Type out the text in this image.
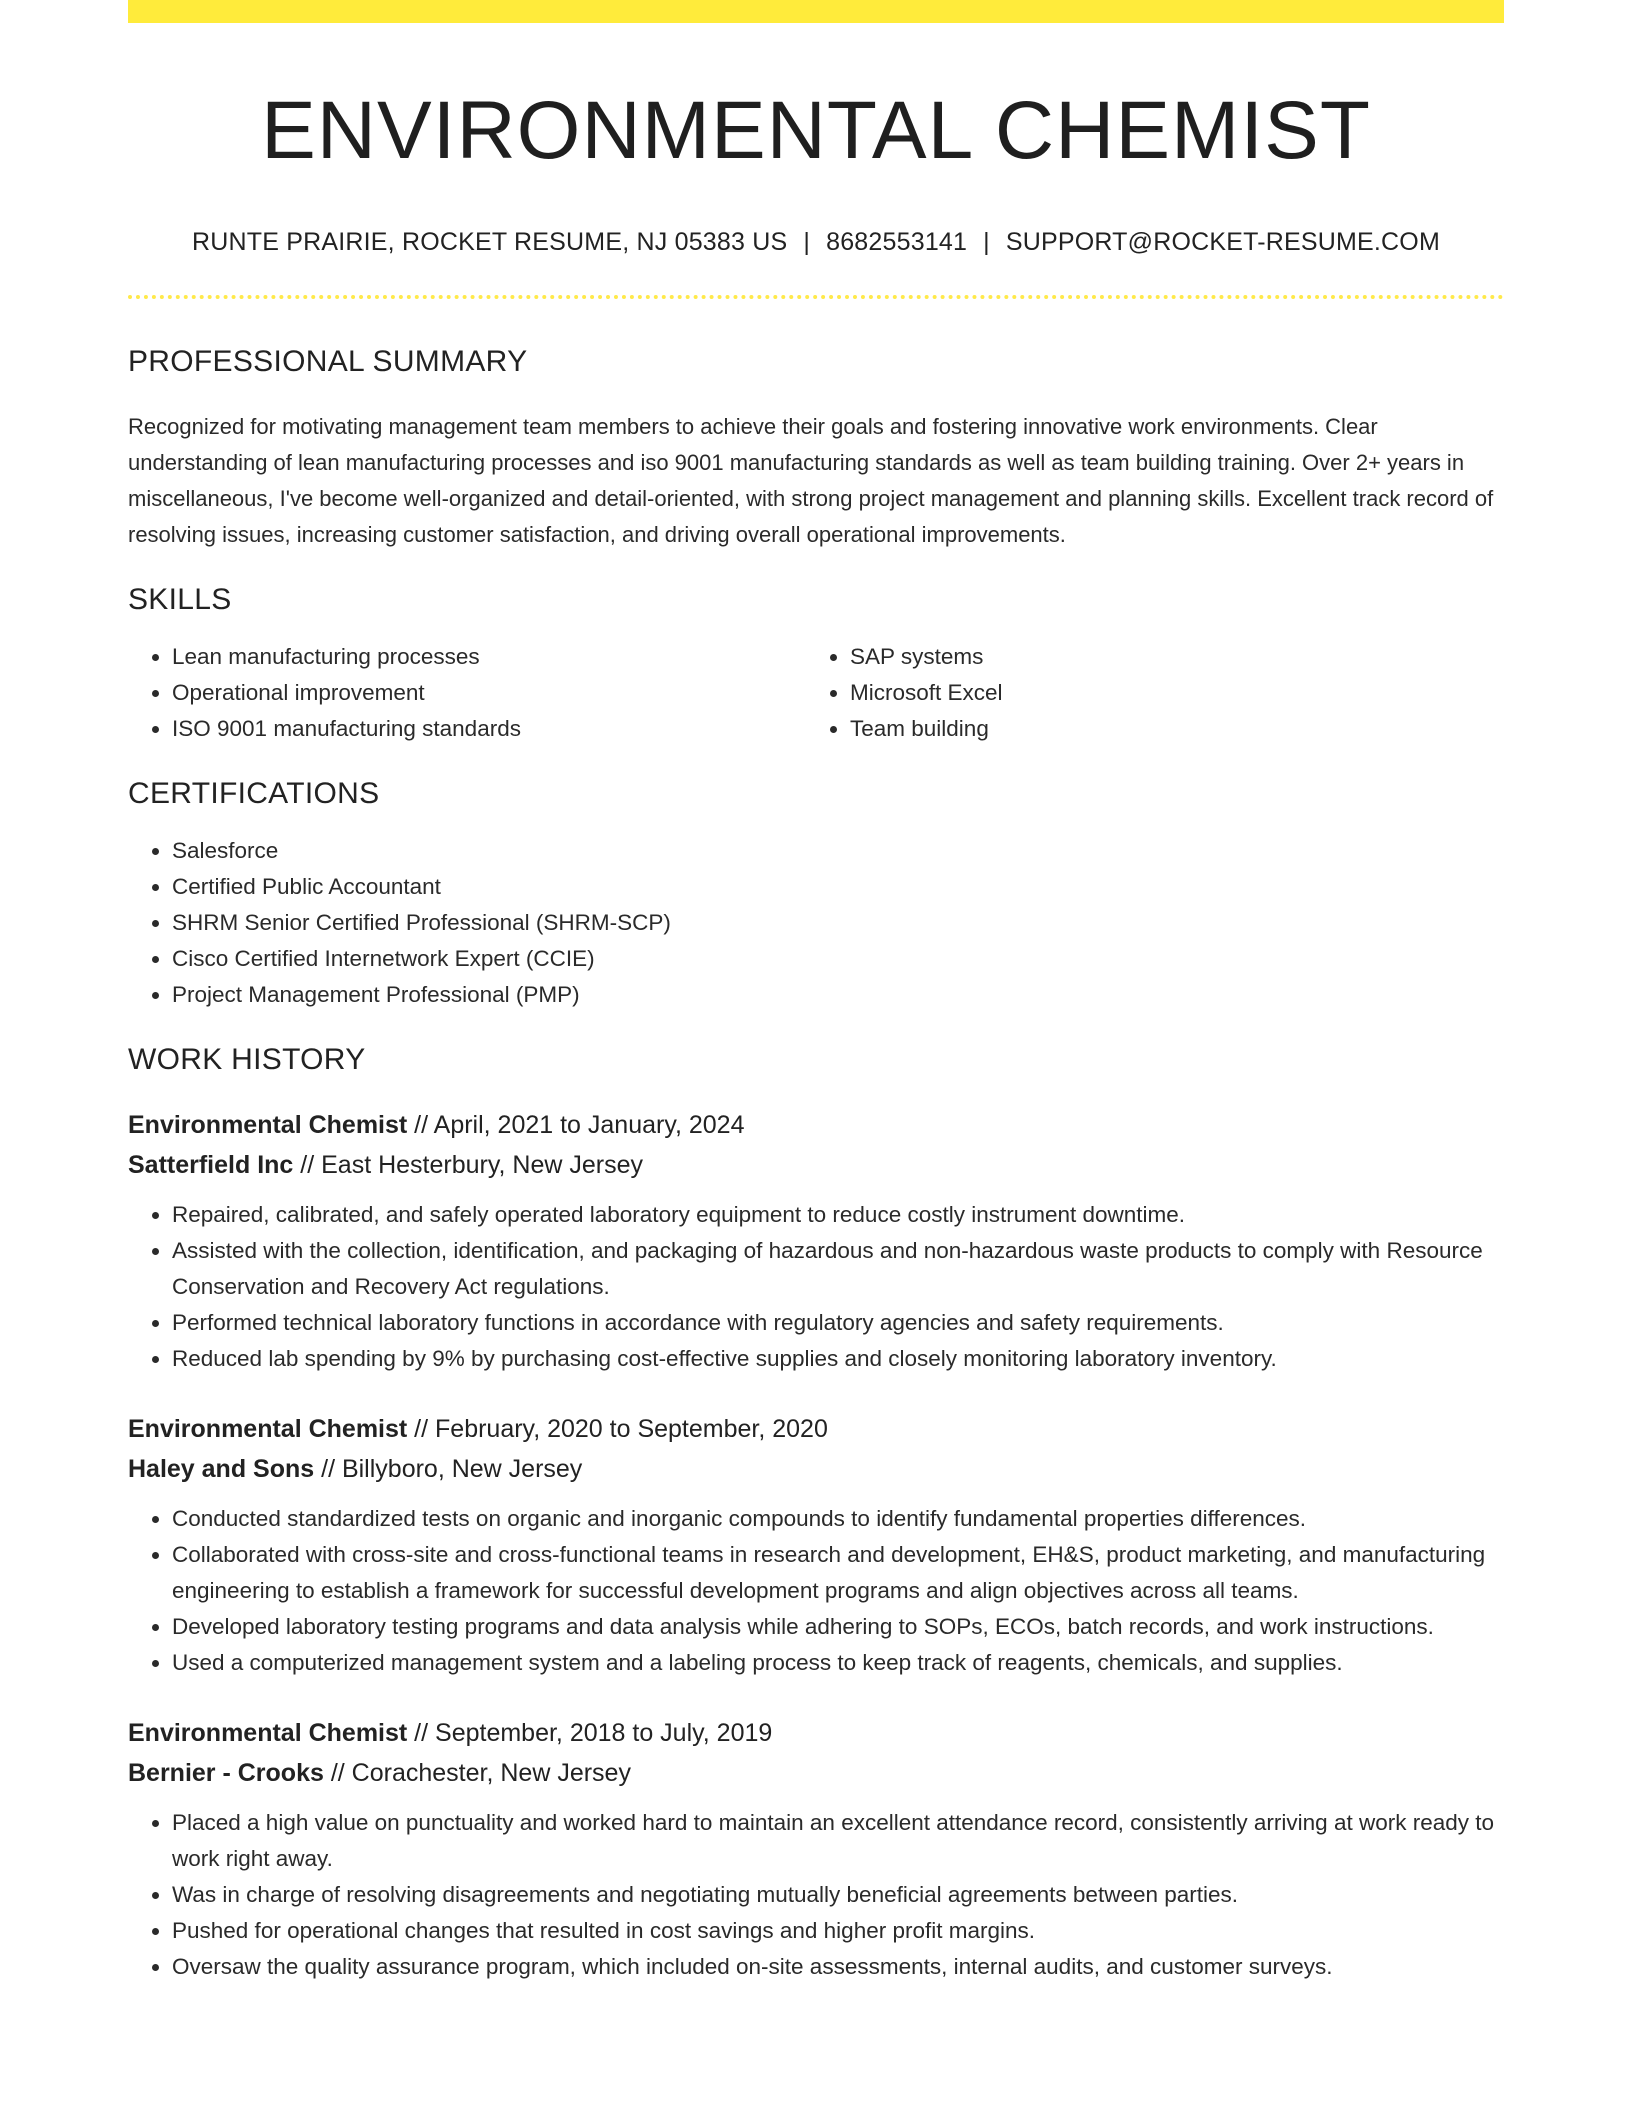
ENVIRONMENTAL CHEMIST
RUNTE PRAIRIE, ROCKET RESUME, NJ 05383 US | 8682553141 | SUPPORT@ROCKET-RESUME.COM
PROFESSIONAL SUMMARY

Recognized for motivating management team members to achieve their goals and fostering innovative work environments. Clear understanding of lean manufacturing processes and iso 9001 manufacturing standards as well as team building training. Over 2+ years in miscellaneous, I've become well-organized and detail-oriented, with strong project management and planning skills. Excellent track record of resolving issues, increasing customer satisfaction, and driving overall operational improvements.

SKILLS
• Lean manufacturing processes
• Operational improvement
• ISO 9001 manufacturing standards
• SAP systems
• Microsoft Excel
• Team building
CERTIFICATIONS
• Salesforce
• Certified Public Accountant
• SHRM Senior Certified Professional (SHRM-SCP)
• Cisco Certified Internetwork Expert (CCIE)
• Project Management Professional (PMP)
WORK HISTORY
Environmental Chemist // April, 2021 to January, 2024
Satterfield Inc // East Hesterbury, New Jersey
• Repaired, calibrated, and safely operated laboratory equipment to reduce costly instrument downtime.
• Assisted with the collection, identification, and packaging of hazardous and non-hazardous waste products to comply with Resource Conservation and Recovery Act regulations.
• Performed technical laboratory functions in accordance with regulatory agencies and safety requirements.
• Reduced lab spending by 9% by purchasing cost-effective supplies and closely monitoring laboratory inventory.
Environmental Chemist // February, 2020 to September, 2020
Haley and Sons // Billyboro, New Jersey
• Conducted standardized tests on organic and inorganic compounds to identify fundamental properties differences.
• Collaborated with cross-site and cross-functional teams in research and development, EH&S, product marketing, and manufacturing engineering to establish a framework for successful development programs and align objectives across all teams.
• Developed laboratory testing programs and data analysis while adhering to SOPs, ECOs, batch records, and work instructions.
• Used a computerized management system and a labeling process to keep track of reagents, chemicals, and supplies.
Environmental Chemist // September, 2018 to July, 2019
Bernier - Crooks // Corachester, New Jersey
• Placed a high value on punctuality and worked hard to maintain an excellent attendance record, consistently arriving at work ready to work right away.
• Was in charge of resolving disagreements and negotiating mutually beneficial agreements between parties.
• Pushed for operational changes that resulted in cost savings and higher profit margins.
• Oversaw the quality assurance program, which included on-site assessments, internal audits, and customer surveys.
